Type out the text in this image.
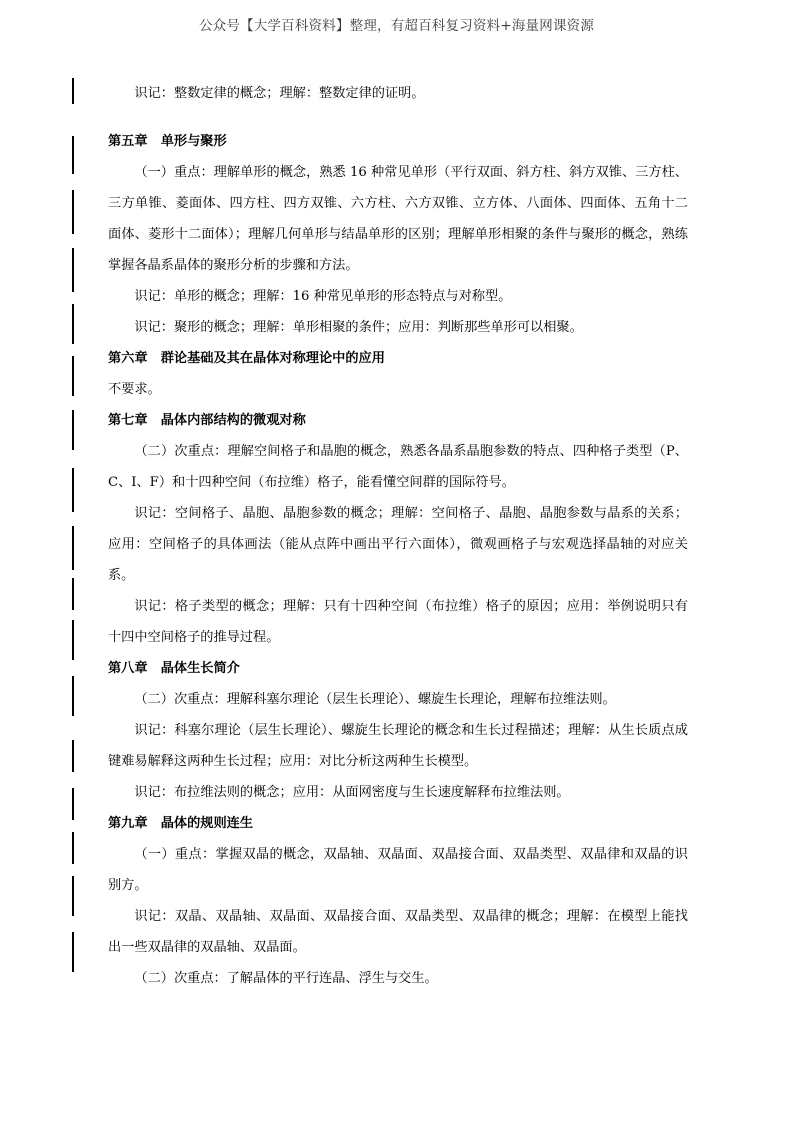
公众号【大学百科资料】整理，有超百科复习资料+海量网课资源

识记：整数定律的概念；理解：整数定律的证明。

第五章　单形与聚形

（一）重点：理解单形的概念，熟悉 16 种常见单形（平行双面、斜方柱、斜方双锥、三方柱、三方单锥、菱面体、四方柱、四方双锥、六方柱、六方双锥、立方体、八面体、四面体、五角十二面体、菱形十二面体）；理解几何单形与结晶单形的区别；理解单形相聚的条件与聚形的概念，熟练掌握各晶系晶体的聚形分析的步骤和方法。

识记：单形的概念；理解：16 种常见单形的形态特点与对称型。

识记：聚形的概念；理解：单形相聚的条件；应用：判断那些单形可以相聚。

第六章　群论基础及其在晶体对称理论中的应用

不要求。

第七章　晶体内部结构的微观对称

（二）次重点：理解空间格子和晶胞的概念，熟悉各晶系晶胞参数的特点、四种格子类型（P、C、I、F）和十四种空间（布拉维）格子，能看懂空间群的国际符号。

识记：空间格子、晶胞、晶胞参数的概念；理解：空间格子、晶胞、晶胞参数与晶系的关系；应用：空间格子的具体画法（能从点阵中画出平行六面体），微观画格子与宏观选择晶轴的对应关系。

识记：格子类型的概念；理解：只有十四种空间（布拉维）格子的原因；应用：举例说明只有十四中空间格子的推导过程。

第八章　晶体生长简介

（二）次重点：理解科塞尔理论（层生长理论）、螺旋生长理论，理解布拉维法则。

识记：科塞尔理论（层生长理论）、螺旋生长理论的概念和生长过程描述；理解：从生长质点成键难易解释这两种生长过程；应用：对比分析这两种生长模型。

识记：布拉维法则的概念；应用：从面网密度与生长速度解释布拉维法则。

第九章　晶体的规则连生

（一）重点：掌握双晶的概念，双晶轴、双晶面、双晶接合面、双晶类型、双晶律和双晶的识别方。

识记：双晶、双晶轴、双晶面、双晶接合面、双晶类型、双晶律的概念；理解：在模型上能找出一些双晶律的双晶轴、双晶面。

（二）次重点：了解晶体的平行连晶、浮生与交生。
